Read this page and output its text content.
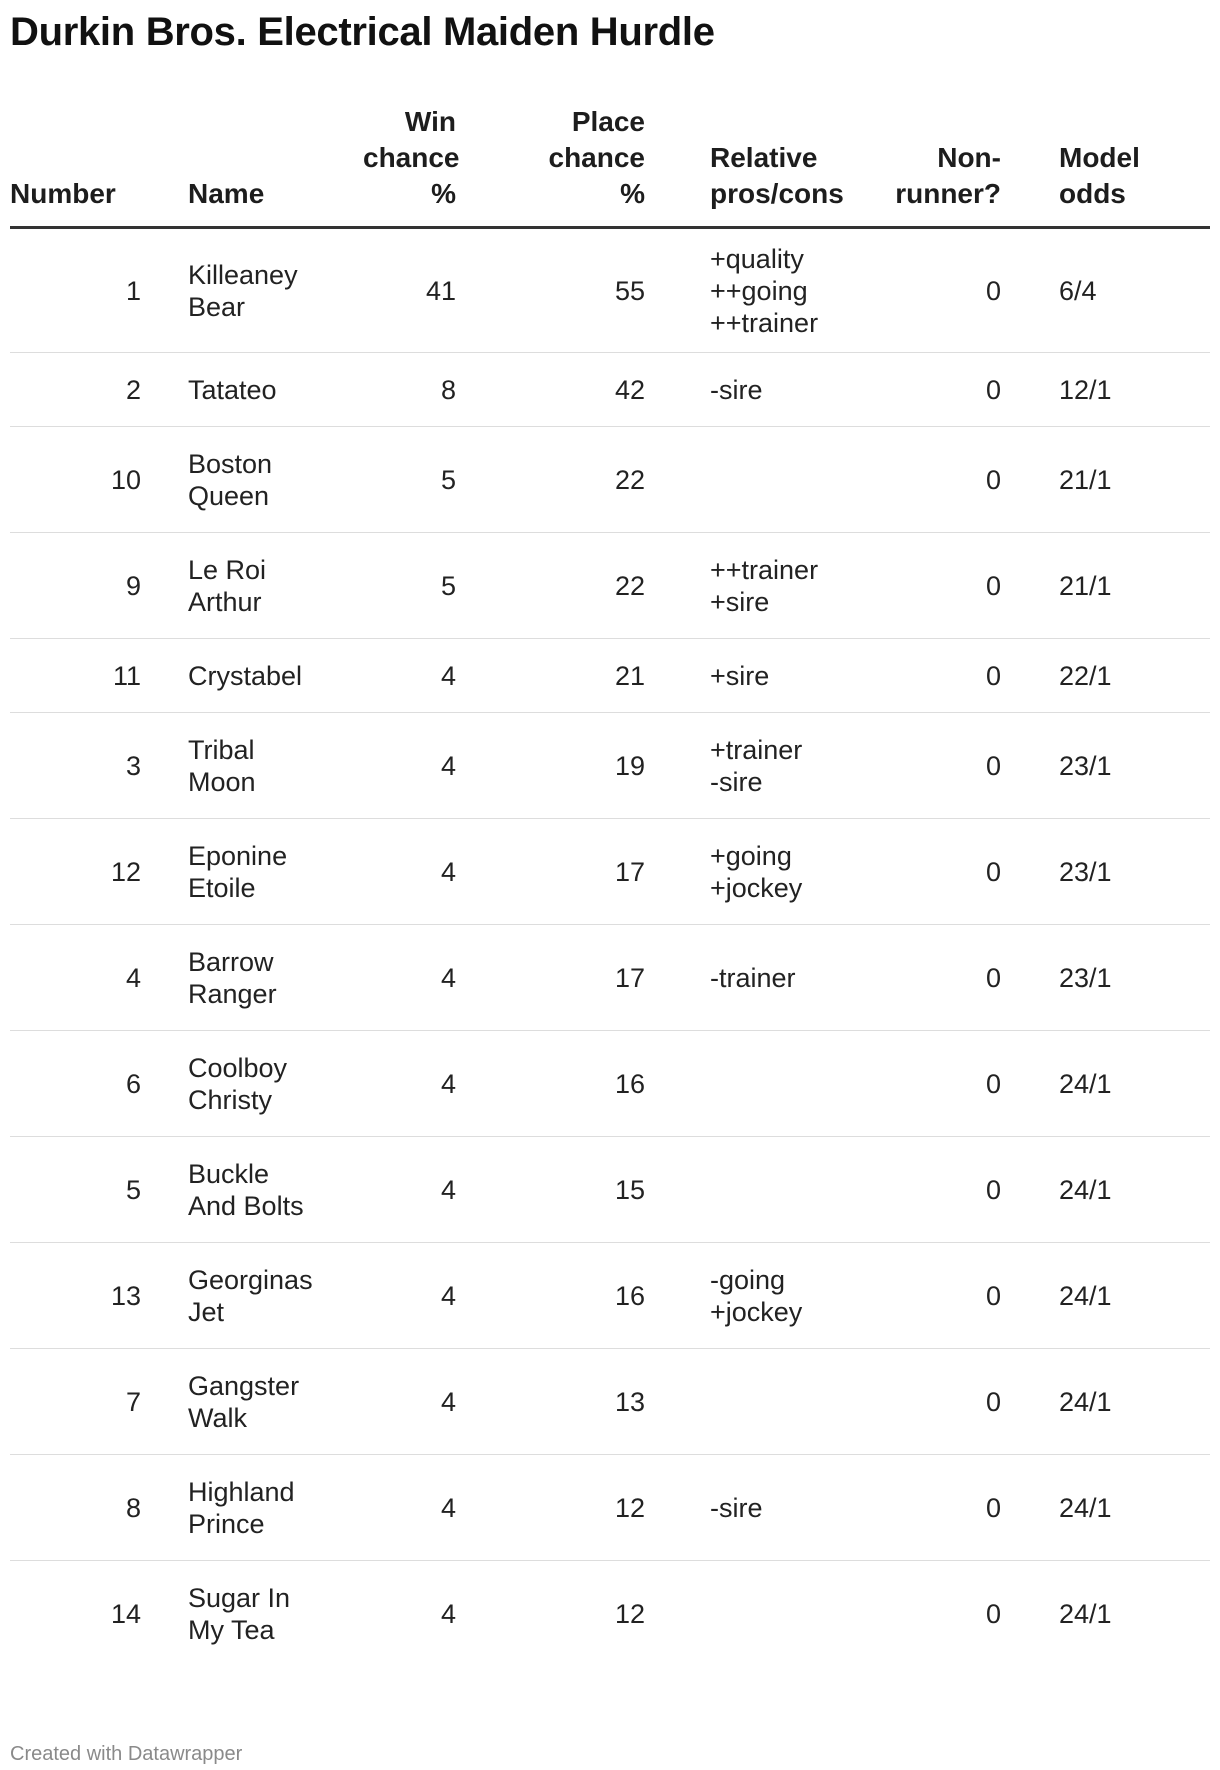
Durkin Bros. Electrical Maiden Hurdle
Number	Name	Win
chance
%	Place
chance
%	Relative
pros/cons	Non-
runner?	Model
odds
1	Killeaney
Bear	41	55	+quality
++going
++trainer	0	6/4
2	Tatateo	8	42	-sire	0	12/1
10	Boston
Queen	5	22		0	21/1
9	Le Roi
Arthur	5	22	++trainer
+sire	0	21/1
11	Crystabel	4	21	+sire	0	22/1
3	Tribal
Moon	4	19	+trainer
-sire	0	23/1
12	Eponine
Etoile	4	17	+going
+jockey	0	23/1
4	Barrow
Ranger	4	17	-trainer	0	23/1
6	Coolboy
Christy	4	16		0	24/1
5	Buckle
And Bolts	4	15		0	24/1
13	Georginas
Jet	4	16	-going
+jockey	0	24/1
7	Gangster
Walk	4	13		0	24/1
8	Highland
Prince	4	12	-sire	0	24/1
14	Sugar In
My Tea	4	12		0	24/1
Created with Datawrapper
